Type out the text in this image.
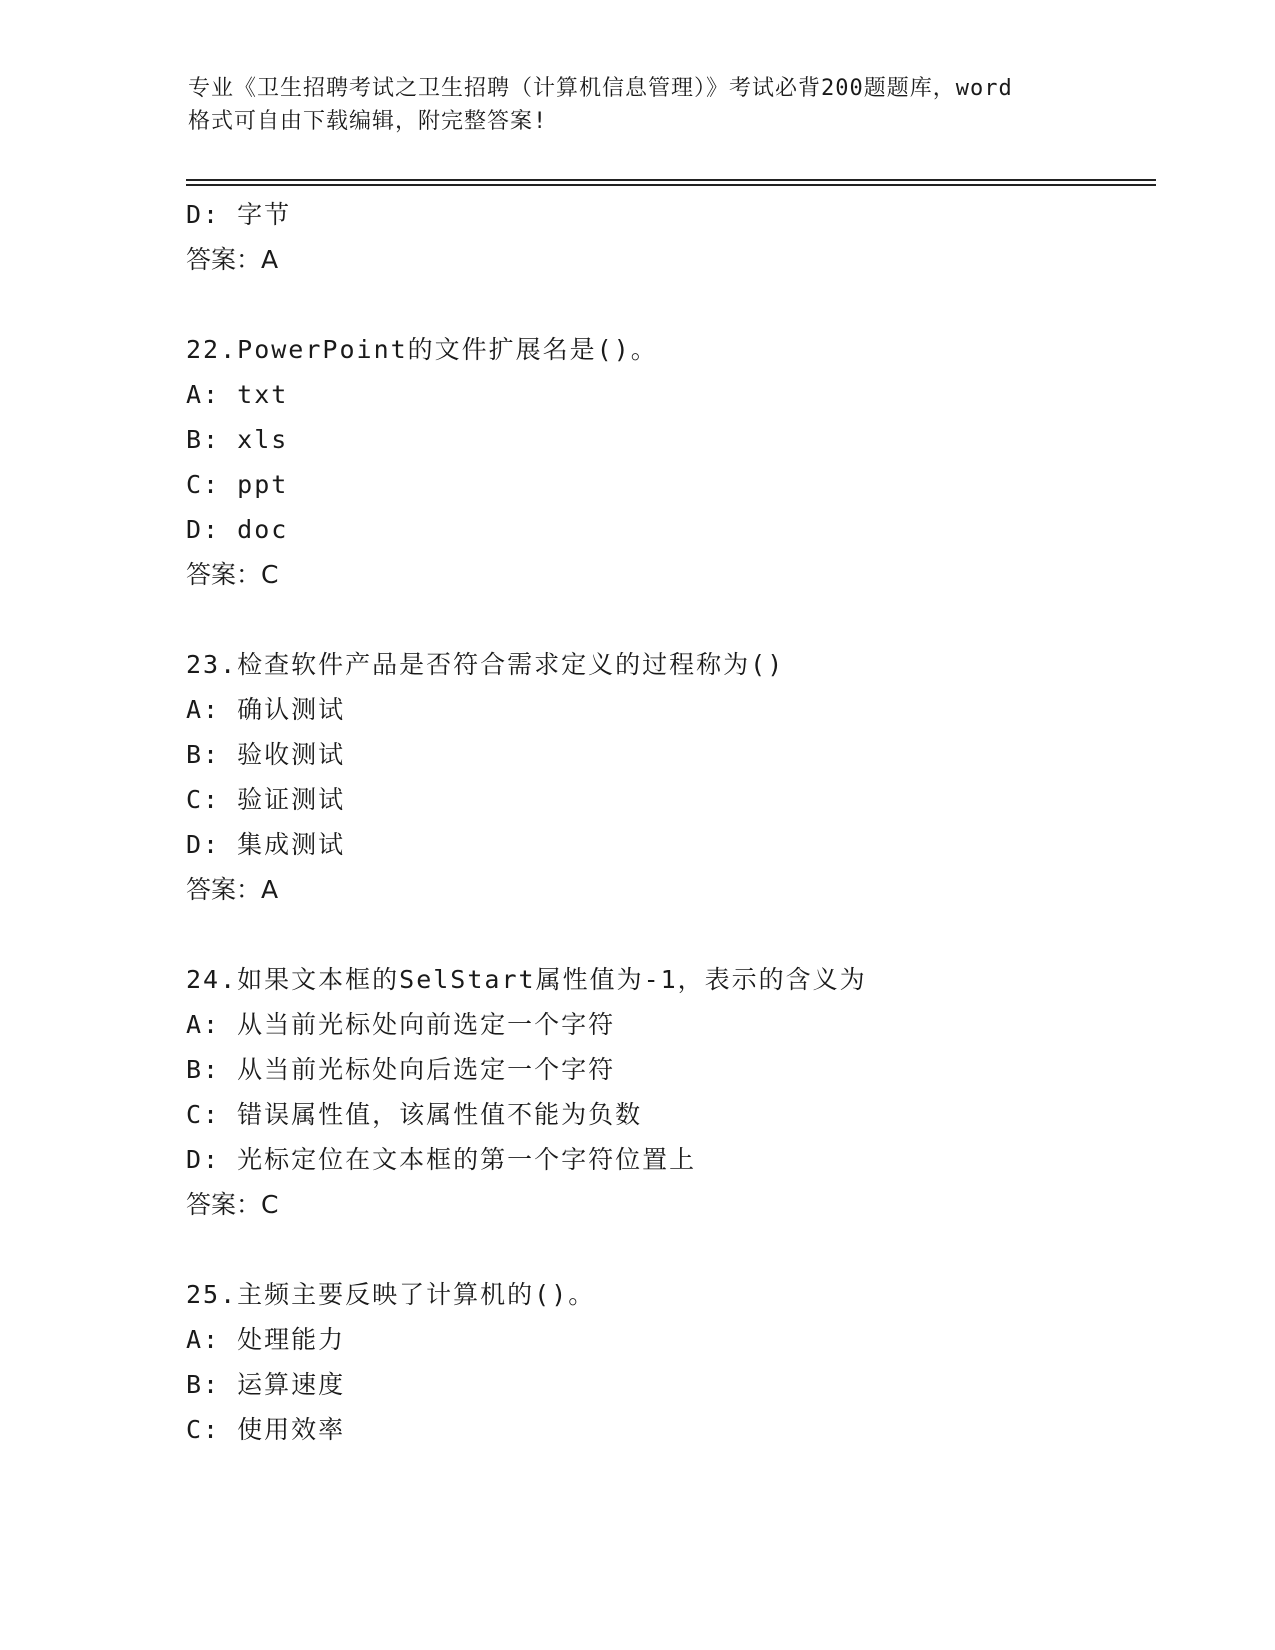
专业《卫生招聘考试之卫生招聘（计算机信息管理）》考试必背200题题库，word
格式可自由下载编辑，附完整答案!
D: 字节
答案：A
22.PowerPoint的文件扩展名是()。
A: txt
B: xls
C: ppt
D: doc
答案：C
23.检查软件产品是否符合需求定义的过程称为()
A: 确认测试
B: 验收测试
C: 验证测试
D: 集成测试
答案：A
24.如果文本框的SelStart属性值为-1，表示的含义为
A: 从当前光标处向前选定一个字符
B: 从当前光标处向后选定一个字符
C: 错误属性值，该属性值不能为负数
D: 光标定位在文本框的第一个字符位置上
答案：C
25.主频主要反映了计算机的()。
A: 处理能力
B: 运算速度
C: 使用效率
